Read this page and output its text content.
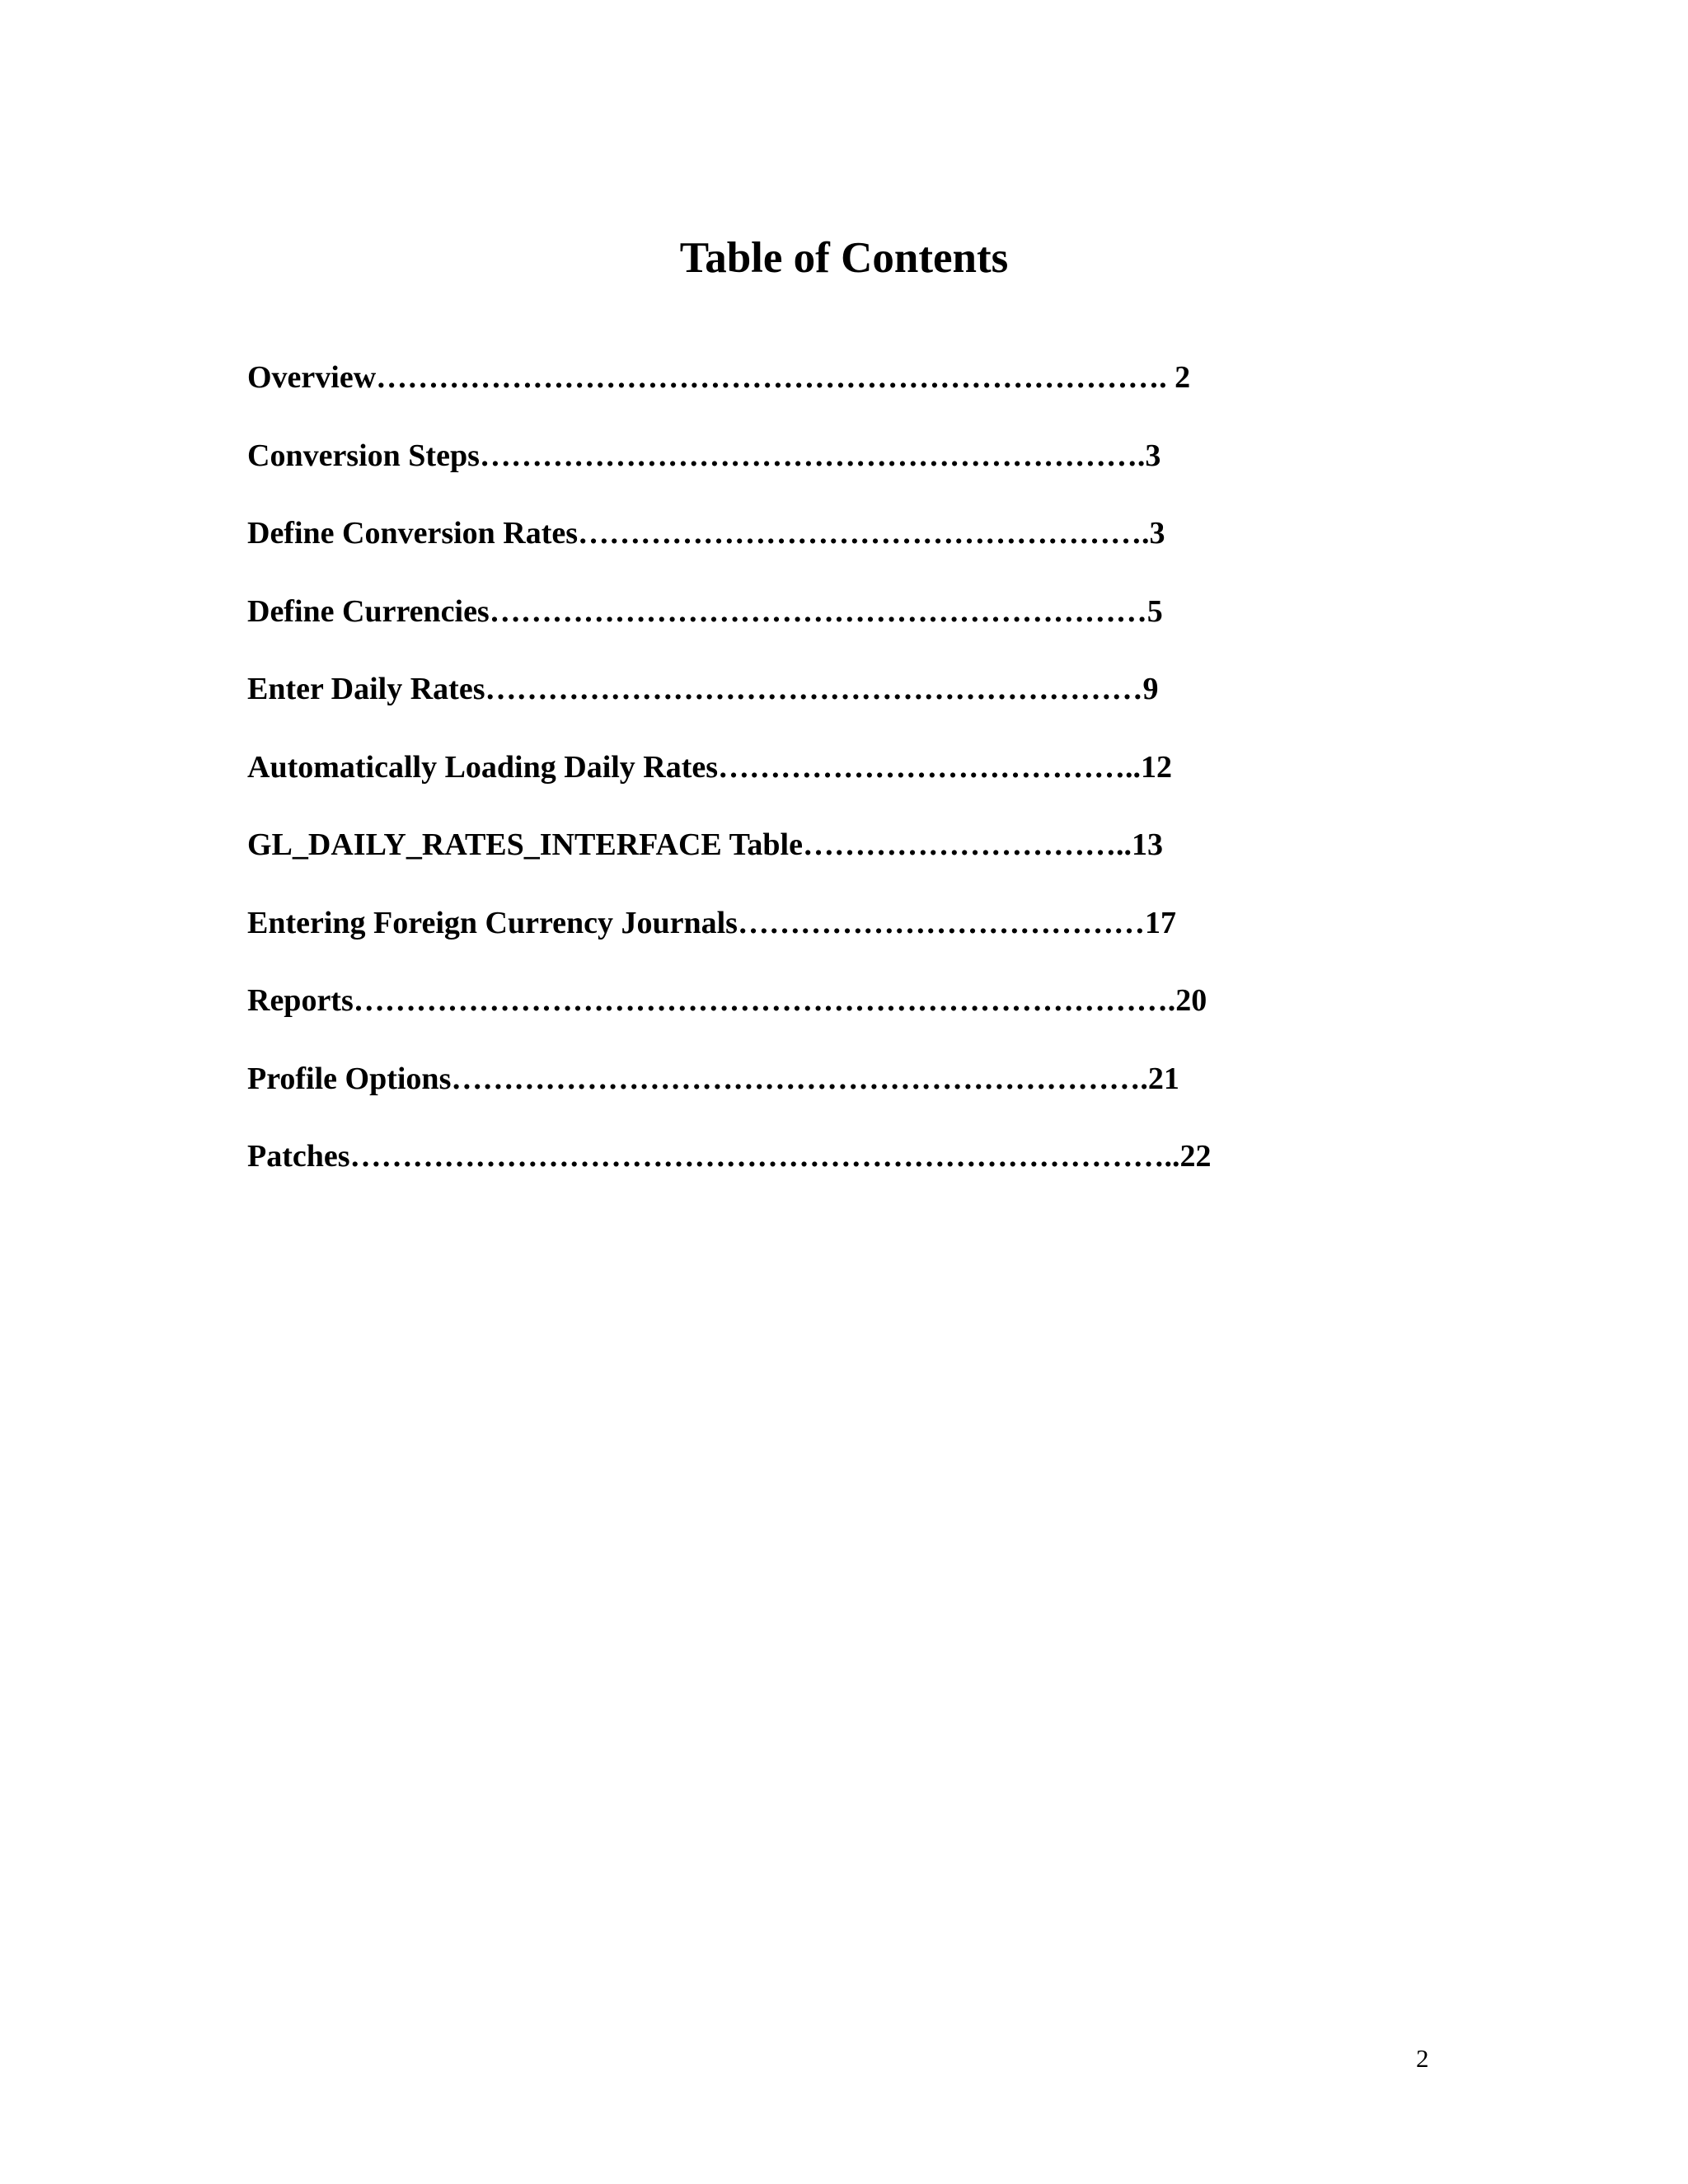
Table of Contents
Overview…………………………………………………………………. 2
Conversion Steps……………………………………………………….3
Define Conversion Rates……………………………………………….3
Define Currencies………………………………………………………5
Enter Daily Rates………………………………………………………9
Automatically Loading Daily Rates…………………………………..12
GL_DAILY_RATES_INTERFACE Table…………………………..13
Entering Foreign Currency Journals…………………………………17
Reports…………………………………………………………………….20
Profile Options………………………………………………………….21
Patches……………………………………………………………………..22
2
